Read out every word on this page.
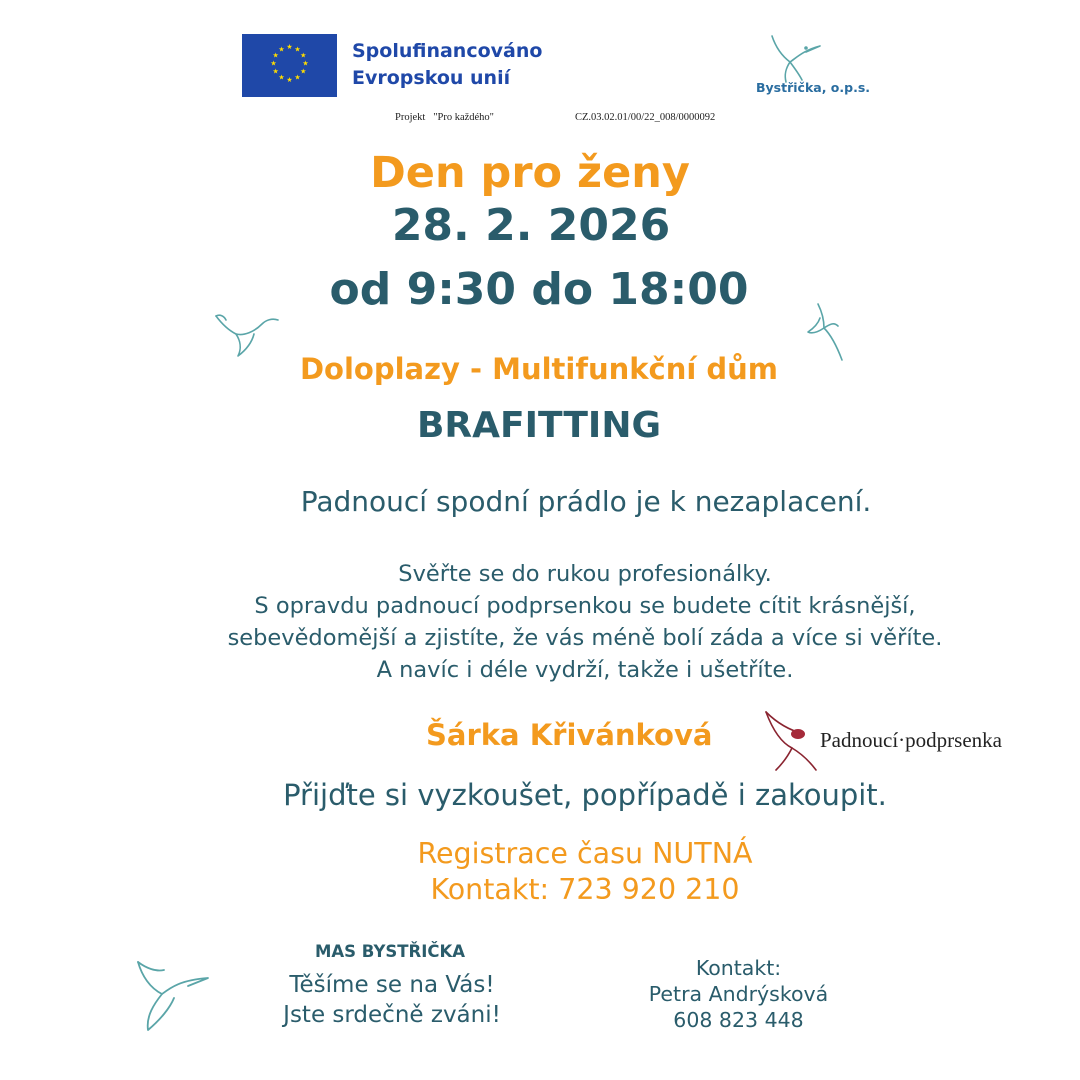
★ ★
★
★
★
★
★
★
★
★
★
★	Spolufinancováno
Evropskou unií	Bystřička, o.p.s.
Projekt   "Pro každého"	CZ.03.02.01/00/22_008/0000092
Den pro ženy
28. 2. 2026
od 9:30 do 18:00
Doloplazy - Multifunkční dům
BRAFITTING
Padnoucí spodní prádlo je k nezaplacení.
Svěřte se do rukou profesionálky.
S opravdu padnoucí podprsenkou se budete cítit krásnější,
sebevědomější a zjistíte, že vás méně bolí záda a více si věříte.
A navíc i déle vydrží, takže i ušetříte.
Šárka Křivánková	Padnoucí·podprsenka
Přijďte si vyzkoušet, popřípadě i zakoupit.
Registrace času NUTNÁ
Kontakt: 723 920 210
MAS BYSTŘIČKA
Těšíme se na Vás!
Jste srdečně zváni!
Kontakt:
Petra Andrýsková
608 823 448
